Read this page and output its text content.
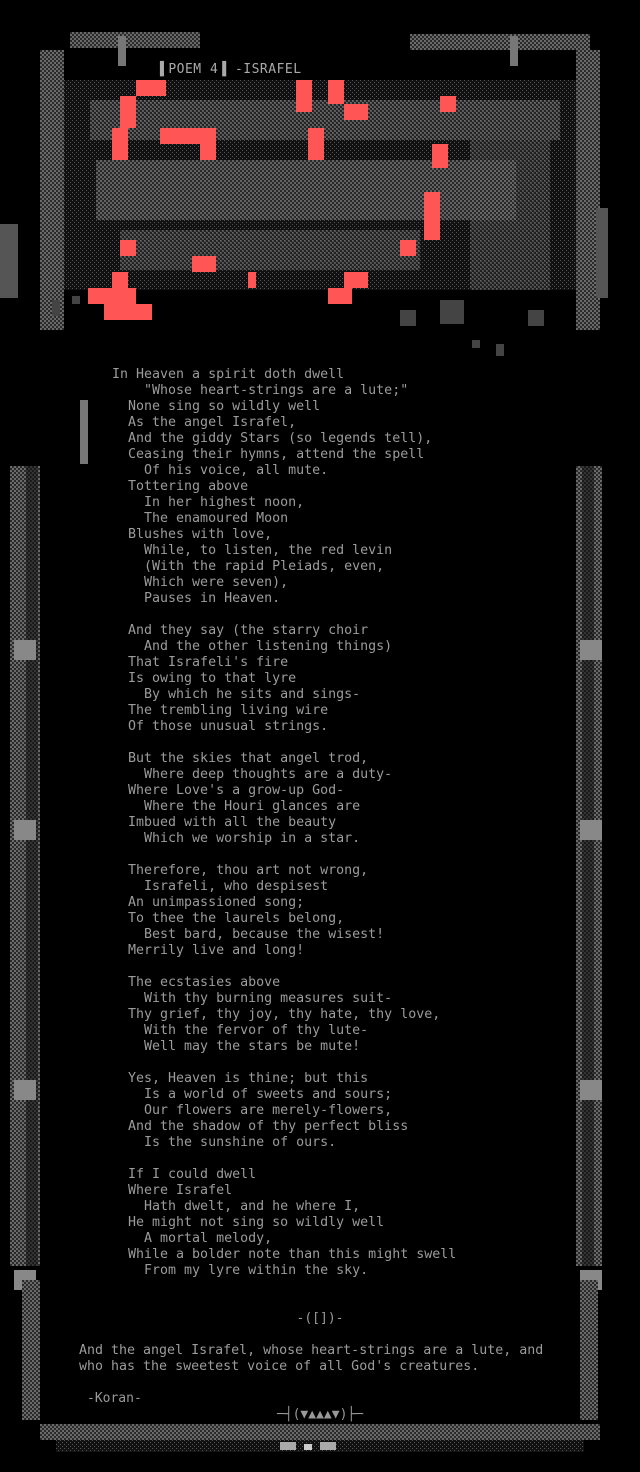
▌POEM 4▐ -ISRAFEL
In Heaven a spirit doth dwell
"Whose heart-strings are a lute;"
None sing so wildly well
As the angel Israfel,
And the giddy Stars (so legends tell),
Ceasing their hymns, attend the spell
Of his voice, all mute.
Tottering above
In her highest noon,
The enamoured Moon
Blushes with love,
While, to listen, the red levin
(With the rapid Pleiads, even,
Which were seven),
Pauses in Heaven.
And they say (the starry choir
And the other listening things)
That Israfeli's fire
Is owing to that lyre
By which he sits and sings-
The trembling living wire
Of those unusual strings.
But the skies that angel trod,
Where deep thoughts are a duty-
Where Love's a grow-up God-
Where the Houri glances are
Imbued with all the beauty
Which we worship in a star.
Therefore, thou art not wrong,
Israfeli, who despisest
An unimpassioned song;
To thee the laurels belong,
Best bard, because the wisest!
Merrily live and long!
The ecstasies above
With thy burning measures suit-
Thy grief, thy joy, thy hate, thy love,
With the fervor of thy lute-
Well may the stars be mute!
Yes, Heaven is thine; but this
Is a world of sweets and sours;
Our flowers are merely-flowers,
And the shadow of thy perfect bliss
Is the sunshine of ours.
If I could dwell
Where Israfel
Hath dwelt, and he where I,
He might not sing so wildly well
A mortal melody,
While a bolder note than this might swell
From my lyre within the sky.
-([])-
And the angel Israfel, whose heart-strings are a lute, and
who has the sweetest voice of all God's creatures.
-Koran-
─┤(▼▲▲▲▼)├─
